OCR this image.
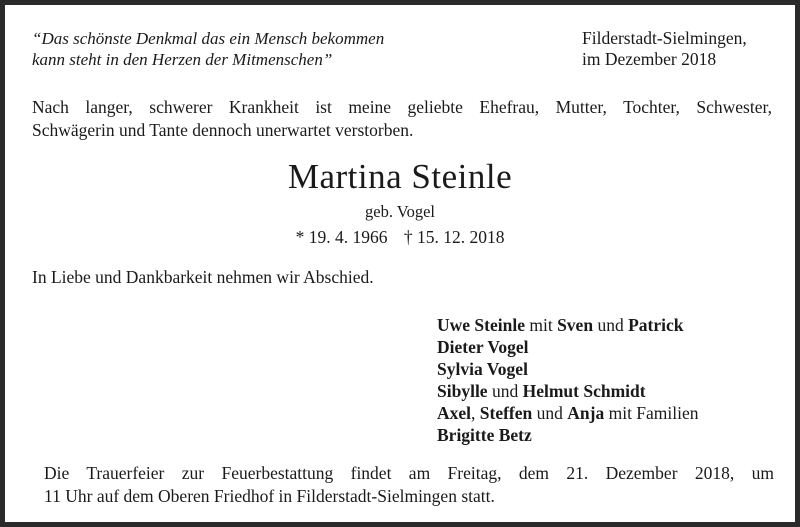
“Das schönste Denkmal das ein Mensch bekommen
kann steht in den Herzen der Mitmenschen”
Filderstadt-Sielmingen,
im Dezember 2018
Nach langer, schwerer Krankheit ist meine geliebte Ehefrau, Mutter, Tochter, Schwester,
Schwägerin und Tante dennoch unerwartet verstorben.
Martina Steinle
geb. Vogel
* 19. 4. 1966 † 15. 12. 2018
In Liebe und Dankbarkeit nehmen wir Abschied.
Uwe Steinle mit Sven und Patrick
Dieter Vogel
Sylvia Vogel
Sibylle und Helmut Schmidt
Axel, Steffen und Anja mit Familien
Brigitte Betz
Die Trauerfeier zur Feuerbestattung findet am Freitag, dem 21. Dezember 2018, um
11 Uhr auf dem Oberen Friedhof in Filderstadt-Sielmingen statt.
